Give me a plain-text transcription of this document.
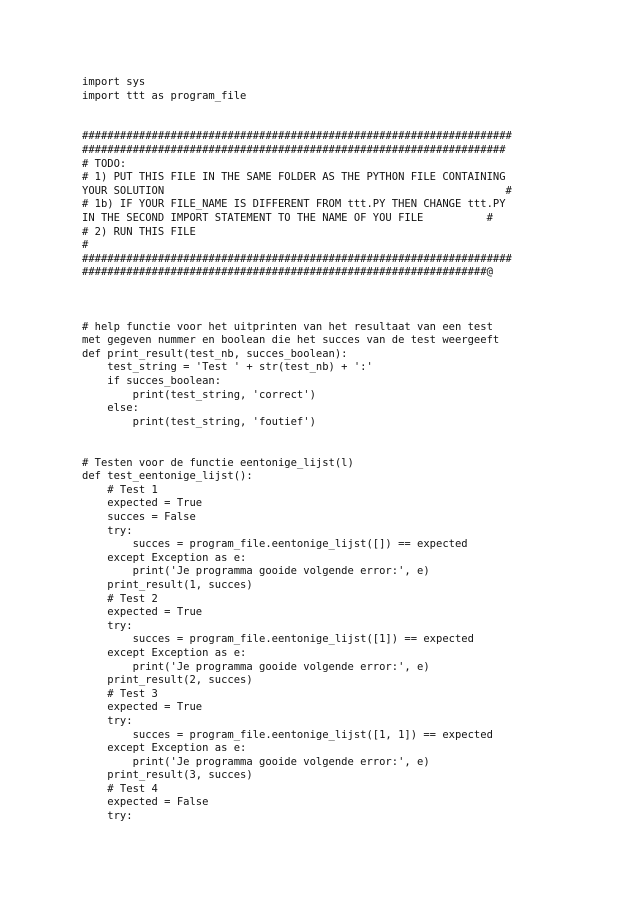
import sys
import ttt as program_file
####################################################################
###################################################################
# TODO:
# 1) PUT THIS FILE IN THE SAME FOLDER AS THE PYTHON FILE CONTAINING
YOUR SOLUTION                                                      #
# 1b) IF YOUR FILE_NAME IS DIFFERENT FROM ttt.PY THEN CHANGE ttt.PY
IN THE SECOND IMPORT STATEMENT TO THE NAME OF YOU FILE          #
# 2) RUN THIS FILE
#
####################################################################
################################################################@
# help functie voor het uitprinten van het resultaat van een test
met gegeven nummer en boolean die het succes van de test weergeeft
def print_result(test_nb, succes_boolean):
test_string = 'Test ' + str(test_nb) + ':'
if succes_boolean:
print(test_string, 'correct')
else:
print(test_string, 'foutief')
# Testen voor de functie eentonige_lijst(l)
def test_eentonige_lijst():
# Test 1
expected = True
succes = False
try:
succes = program_file.eentonige_lijst([]) == expected
except Exception as e:
print('Je programma gooide volgende error:', e)
print_result(1, succes)
# Test 2
expected = True
try:
succes = program_file.eentonige_lijst([1]) == expected
except Exception as e:
print('Je programma gooide volgende error:', e)
print_result(2, succes)
# Test 3
expected = True
try:
succes = program_file.eentonige_lijst([1, 1]) == expected
except Exception as e:
print('Je programma gooide volgende error:', e)
print_result(3, succes)
# Test 4
expected = False
try:
